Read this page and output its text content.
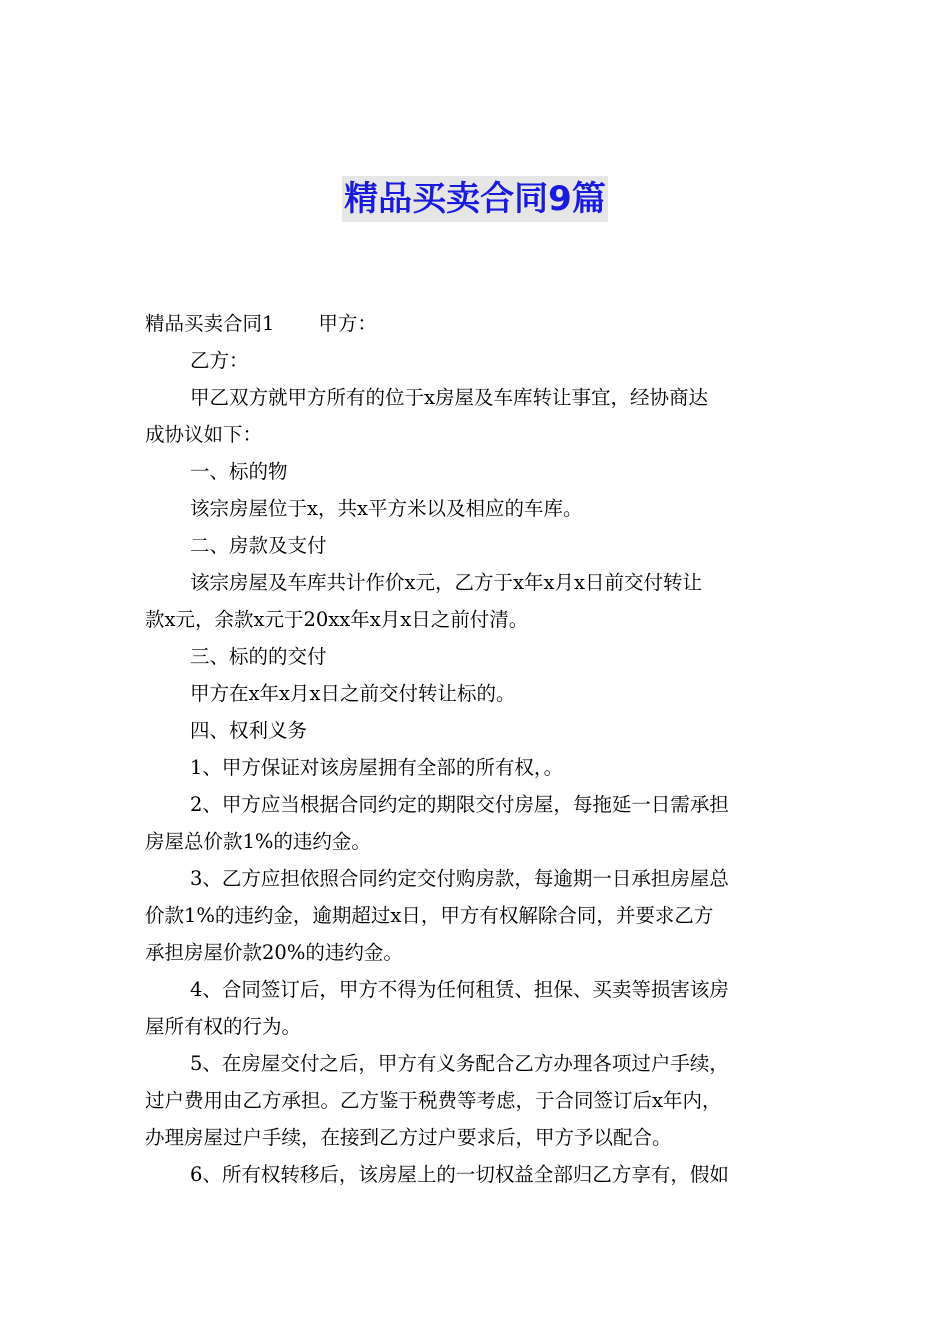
精品买卖合同9篇

精品买卖合同1 甲方：

乙方：

甲乙双方就甲方所有的位于x房屋及车库转让事宜，经协商达

成协议如下：

一、标的物

该宗房屋位于x，共x平方米以及相应的车库。

二、房款及支付

该宗房屋及车库共计作价x元，乙方于x年x月x日前交付转让

款x元，余款x元于20xx年x月x日之前付清。

三、标的的交付

甲方在x年x月x日之前交付转让标的。

四、权利义务

1、甲方保证对该房屋拥有全部的所有权，。

2、甲方应当根据合同约定的期限交付房屋，每拖延一日需承担

房屋总价款1%的违约金。

3、乙方应担依照合同约定交付购房款，每逾期一日承担房屋总

价款1%的违约金，逾期超过x日，甲方有权解除合同，并要求乙方

承担房屋价款20%的违约金。

4、合同签订后，甲方不得为任何租赁、担保、买卖等损害该房

屋所有权的行为。

5、在房屋交付之后，甲方有义务配合乙方办理各项过户手续，

过户费用由乙方承担。乙方鉴于税费等考虑，于合同签订后x年内，

办理房屋过户手续，在接到乙方过户要求后，甲方予以配合。

6、所有权转移后，该房屋上的一切权益全部归乙方享有，假如
